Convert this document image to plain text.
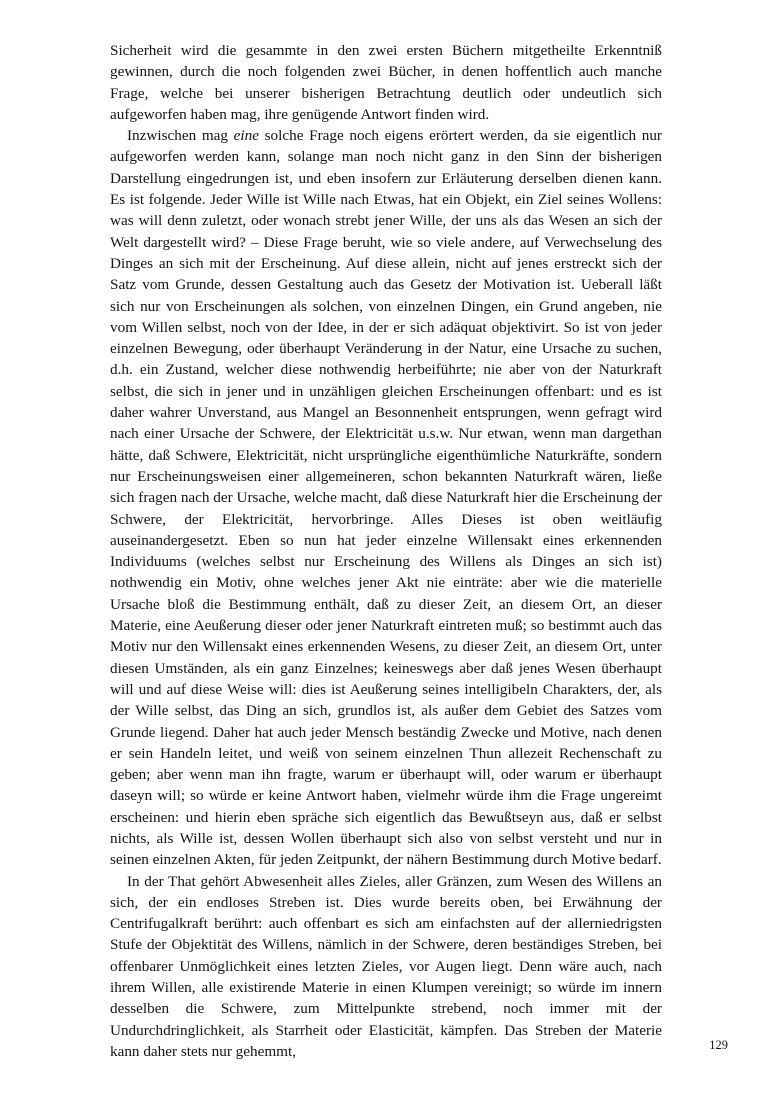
Sicherheit wird die gesammte in den zwei ersten Büchern mitgetheilte Erkenntniß gewinnen, durch die noch folgenden zwei Bücher, in denen hoffentlich auch manche Frage, welche bei unserer bisherigen Betrachtung deutlich oder undeutlich sich aufgeworfen haben mag, ihre genügende Antwort finden wird.

Inzwischen mag eine solche Frage noch eigens erörtert werden, da sie eigentlich nur aufgeworfen werden kann, solange man noch nicht ganz in den Sinn der bisherigen Darstellung eingedrungen ist, und eben insofern zur Erläuterung derselben dienen kann. Es ist folgende. Jeder Wille ist Wille nach Etwas, hat ein Objekt, ein Ziel seines Wollens: was will denn zuletzt, oder wonach strebt jener Wille, der uns als das Wesen an sich der Welt dargestellt wird? – Diese Frage beruht, wie so viele andere, auf Verwechselung des Dinges an sich mit der Erscheinung. Auf diese allein, nicht auf jenes erstreckt sich der Satz vom Grunde, dessen Gestaltung auch das Gesetz der Motivation ist. Ueberall läßt sich nur von Erscheinungen als solchen, von einzelnen Dingen, ein Grund angeben, nie vom Willen selbst, noch von der Idee, in der er sich adäquat objektivirt. So ist von jeder einzelnen Bewegung, oder überhaupt Veränderung in der Natur, eine Ursache zu suchen, d.h. ein Zustand, welcher diese nothwendig herbeiführte; nie aber von der Naturkraft selbst, die sich in jener und in unzähligen gleichen Erscheinungen offenbart: und es ist daher wahrer Unverstand, aus Mangel an Besonnenheit entsprungen, wenn gefragt wird nach einer Ursache der Schwere, der Elektricität u.s.w. Nur etwan, wenn man dargethan hätte, daß Schwere, Elektricität, nicht ursprüngliche eigenthümliche Naturkräfte, sondern nur Erscheinungsweisen einer allgemeineren, schon bekannten Naturkraft wären, ließe sich fragen nach der Ursache, welche macht, daß diese Naturkraft hier die Erscheinung der Schwere, der Elektricität, hervorbringe. Alles Dieses ist oben weitläufig auseinandergesetzt. Eben so nun hat jeder einzelne Willensakt eines erkennenden Individuums (welches selbst nur Erscheinung des Willens als Dinges an sich ist) nothwendig ein Motiv, ohne welches jener Akt nie einträte: aber wie die materielle Ursache bloß die Bestimmung enthält, daß zu dieser Zeit, an diesem Ort, an dieser Materie, eine Aeußerung dieser oder jener Naturkraft eintreten muß; so bestimmt auch das Motiv nur den Willensakt eines erkennenden Wesens, zu dieser Zeit, an diesem Ort, unter diesen Umständen, als ein ganz Einzelnes; keineswegs aber daß jenes Wesen überhaupt will und auf diese Weise will: dies ist Aeußerung seines intelligibeln Charakters, der, als der Wille selbst, das Ding an sich, grundlos ist, als außer dem Gebiet des Satzes vom Grunde liegend. Daher hat auch jeder Mensch beständig Zwecke und Motive, nach denen er sein Handeln leitet, und weiß von seinem einzelnen Thun allezeit Rechenschaft zu geben; aber wenn man ihn fragte, warum er überhaupt will, oder warum er überhaupt daseyn will; so würde er keine Antwort haben, vielmehr würde ihm die Frage ungereimt erscheinen: und hierin eben spräche sich eigentlich das Bewußtseyn aus, daß er selbst nichts, als Wille ist, dessen Wollen überhaupt sich also von selbst versteht und nur in seinen einzelnen Akten, für jeden Zeitpunkt, der nähern Bestimmung durch Motive bedarf.

In der That gehört Abwesenheit alles Zieles, aller Gränzen, zum Wesen des Willens an sich, der ein endloses Streben ist. Dies wurde bereits oben, bei Erwähnung der Centrifugalkraft berührt: auch offenbart es sich am einfachsten auf der allerniedrigsten Stufe der Objektität des Willens, nämlich in der Schwere, deren beständiges Streben, bei offenbarer Unmöglichkeit eines letzten Zieles, vor Augen liegt. Denn wäre auch, nach ihrem Willen, alle existirende Materie in einen Klumpen vereinigt; so würde im innern desselben die Schwere, zum Mittelpunkte strebend, noch immer mit der Undurchdringlichkeit, als Starrheit oder Elasticität, kämpfen. Das Streben der Materie kann daher stets nur gehemmt,	129
